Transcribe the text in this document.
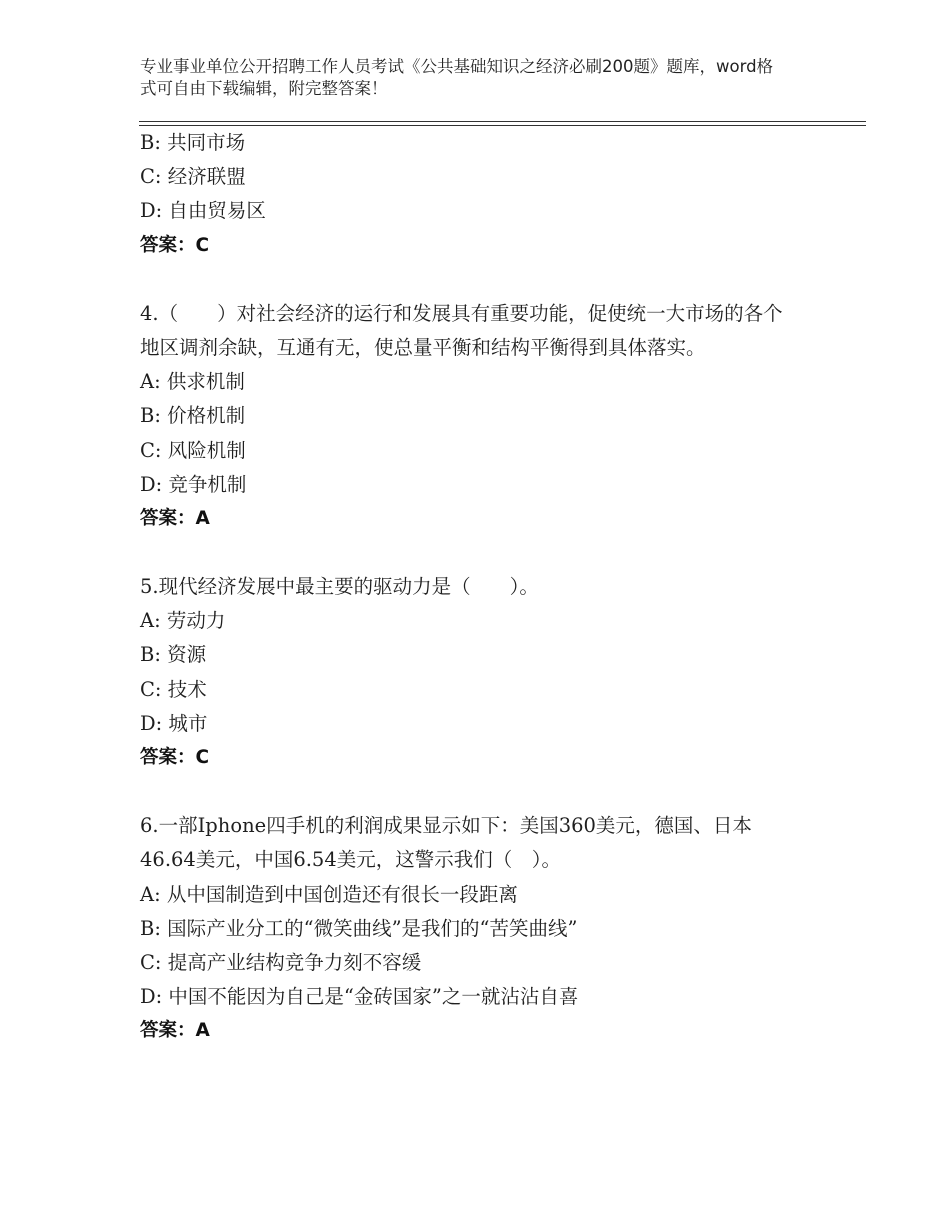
专业事业单位公开招聘工作人员考试《公共基础知识之经济必刷200题》题库，word格式可自由下载编辑，附完整答案！
B: 共同市场
C: 经济联盟
D: 自由贸易区
答案：C
4.（　　）对社会经济的运行和发展具有重要功能，促使统一大市场的各个地区调剂余缺，互通有无，使总量平衡和结构平衡得到具体落实。
A: 供求机制
B: 价格机制
C: 风险机制
D: 竞争机制
答案：A
5.现代经济发展中最主要的驱动力是（　　）。
A: 劳动力
B: 资源
C: 技术
D: 城市
答案：C
6.一部Iphone四手机的利润成果显示如下：美国360美元，德国、日本46.64美元，中国6.54美元，这警示我们（　）。
A: 从中国制造到中国创造还有很长一段距离
B: 国际产业分工的“微笑曲线”是我们的“苦笑曲线”
C: 提高产业结构竞争力刻不容缓
D: 中国不能因为自己是“金砖国家”之一就沾沾自喜
答案：A
